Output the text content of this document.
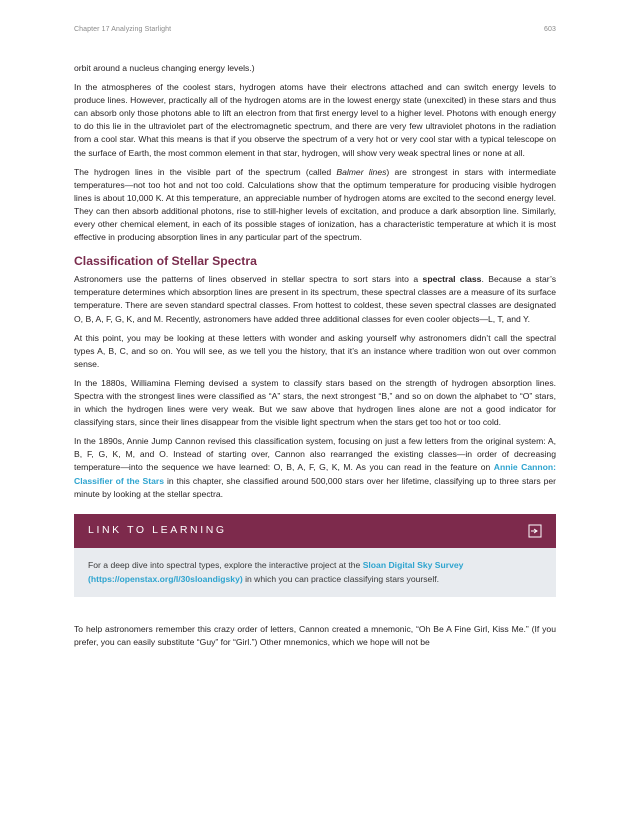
Chapter 17 Analyzing Starlight	603

orbit around a nucleus changing energy levels.)

In the atmospheres of the coolest stars, hydrogen atoms have their electrons attached and can switch energy levels to produce lines. However, practically all of the hydrogen atoms are in the lowest energy state (unexcited) in these stars and thus can absorb only those photons able to lift an electron from that first energy level to a higher level. Photons with enough energy to do this lie in the ultraviolet part of the electromagnetic spectrum, and there are very few ultraviolet photons in the radiation from a cool star. What this means is that if you observe the spectrum of a very hot or very cool star with a typical telescope on the surface of Earth, the most common element in that star, hydrogen, will show very weak spectral lines or none at all.

The hydrogen lines in the visible part of the spectrum (called Balmer lines) are strongest in stars with intermediate temperatures—not too hot and not too cold. Calculations show that the optimum temperature for producing visible hydrogen lines is about 10,000 K. At this temperature, an appreciable number of hydrogen atoms are excited to the second energy level. They can then absorb additional photons, rise to still-higher levels of excitation, and produce a dark absorption line. Similarly, every other chemical element, in each of its possible stages of ionization, has a characteristic temperature at which it is most effective in producing absorption lines in any particular part of the spectrum.

Classification of Stellar Spectra

Astronomers use the patterns of lines observed in stellar spectra to sort stars into a spectral class. Because a star’s temperature determines which absorption lines are present in its spectrum, these spectral classes are a measure of its surface temperature. There are seven standard spectral classes. From hottest to coldest, these seven spectral classes are designated O, B, A, F, G, K, and M. Recently, astronomers have added three additional classes for even cooler objects—L, T, and Y.

At this point, you may be looking at these letters with wonder and asking yourself why astronomers didn’t call the spectral types A, B, C, and so on. You will see, as we tell you the history, that it’s an instance where tradition won out over common sense.

In the 1880s, Williamina Fleming devised a system to classify stars based on the strength of hydrogen absorption lines. Spectra with the strongest lines were classified as “A” stars, the next strongest “B,” and so on down the alphabet to “O” stars, in which the hydrogen lines were very weak. But we saw above that hydrogen lines alone are not a good indicator for classifying stars, since their lines disappear from the visible light spectrum when the stars get too hot or too cold.

In the 1890s, Annie Jump Cannon revised this classification system, focusing on just a few letters from the original system: A, B, F, G, K, M, and O. Instead of starting over, Cannon also rearranged the existing classes—in order of decreasing temperature—into the sequence we have learned: O, B, A, F, G, K, M. As you can read in the feature on Annie Cannon: Classifier of the Stars in this chapter, she classified around 500,000 stars over her lifetime, classifying up to three stars per minute by looking at the stellar spectra.

LINK TO LEARNING

For a deep dive into spectral types, explore the interactive project at the Sloan Digital Sky Survey (https://openstax.org/l/30sloandigsky) in which you can practice classifying stars yourself.

To help astronomers remember this crazy order of letters, Cannon created a mnemonic, “Oh Be A Fine Girl, Kiss Me.” (If you prefer, you can easily substitute “Guy” for “Girl.”) Other mnemonics, which we hope will not be
